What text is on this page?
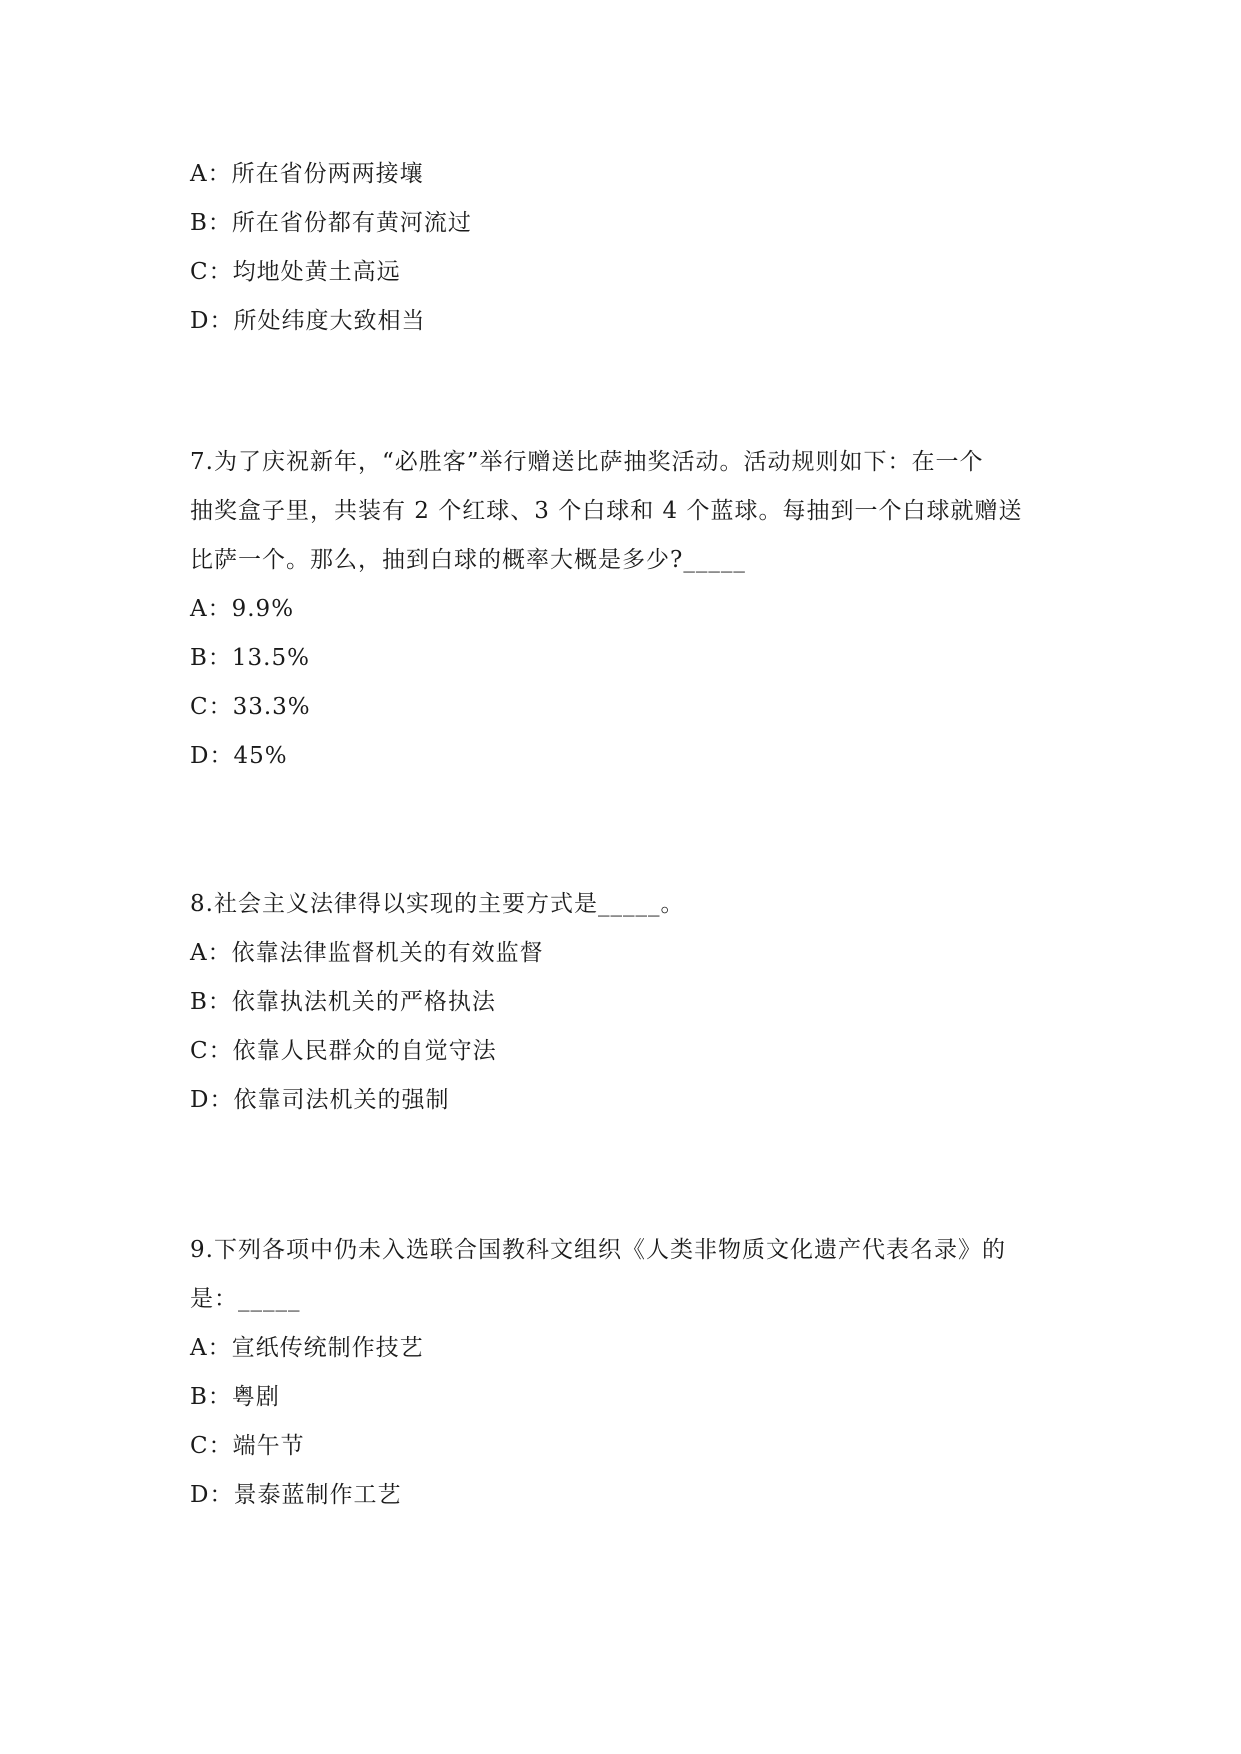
A：所在省份两两接壤
B：所在省份都有黄河流过
C：均地处黄土高远
D：所处纬度大致相当
7.为了庆祝新年，“必胜客”举行赠送比萨抽奖活动。活动规则如下：在一个
抽奖盒子里，共装有 2 个红球、3 个白球和 4 个蓝球。每抽到一个白球就赠送
比萨一个。那么，抽到白球的概率大概是多少?_____
A：9.9%
B：13.5%
C：33.3%
D：45%
8.社会主义法律得以实现的主要方式是_____。
A：依靠法律监督机关的有效监督
B：依靠执法机关的严格执法
C：依靠人民群众的自觉守法
D：依靠司法机关的强制
9.下列各项中仍未入选联合国教科文组织《人类非物质文化遗产代表名录》的
是：_____
A：宣纸传统制作技艺
B：粤剧
C：端午节
D：景泰蓝制作工艺
